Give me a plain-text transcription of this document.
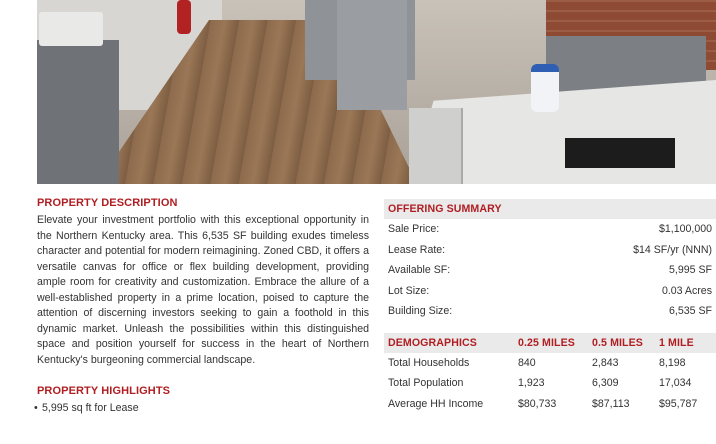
PROPERTY DESCRIPTION

Elevate your investment portfolio with this exceptional opportunity in the Northern Kentucky area. This 6,535 SF building exudes timeless character and potential for modern reimagining. Zoned CBD, it offers a versatile canvas for office or flex building development, providing ample room for creativity and customization. Embrace the allure of a well-established property in a prime location, poised to capture the attention of discerning investors seeking to gain a foothold in this dynamic market. Unleash the possibilities within this distinguished space and position yourself for success in the heart of Northern Kentucky's burgeoning commercial landscape.

PROPERTY HIGHLIGHTS
• 5,995 sq ft for Lease
OFFERING SUMMARY
Sale Price:	$1,100,000
Lease Rate:	$14 SF/yr (NNN)
Available SF:	5,995 SF
Lot Size:	0.03 Acres
Building Size:	6,535 SF
DEMOGRAPHICS	0.25 MILES	0.5 MILES	1 MILE
Total Households	840	2,843	8,198
Total Population	1,923	6,309	17,034
Average HH Income	$80,733	$87,113	$95,787
